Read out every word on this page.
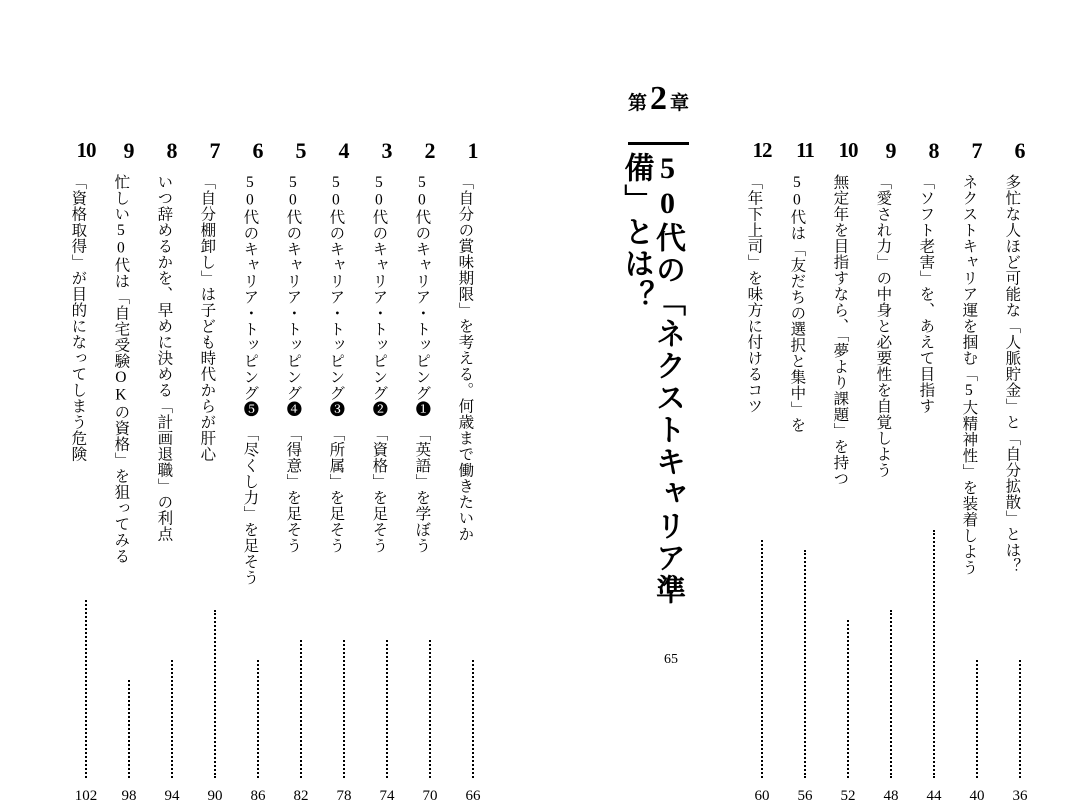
第 2 章
50代の「ネクストキャリア準備」とは？
65
6
多忙な人ほど可能な「人脈貯金」と「自分拡散」とは？
36
7
ネクストキャリア運を掴む「5大精神性」を装着しよう
40
8
「ソフト老害」を、あえて目指す
44
9
「愛され力」の中身と必要性を自覚しよう
48
10
無定年を目指すなら、「夢より課題」を持つ
52
11
50代は「友だちの選択と集中」を
56
12
「年下上司」を味方に付けるコツ
60
1
「自分の賞味期限」を考える。何歳まで働きたいか
66
2
50代のキャリア・トッピング❶　「英語」を学ぼう
70
3
50代のキャリア・トッピング❷　「資格」を足そう
74
4
50代のキャリア・トッピング❸　「所属」を足そう
78
5
50代のキャリア・トッピング❹　「得意」を足そう
82
6
50代のキャリア・トッピング❺　「尽くし力」を足そう
86
7
「自分棚卸し」は子ども時代からが肝心
90
8
いつ辞めるかを、早めに決める「計画退職」の利点
94
9
忙しい50代は「自宅受験OKの資格」を狙ってみる
98
10
「資格取得」が目的になってしまう危険
102
